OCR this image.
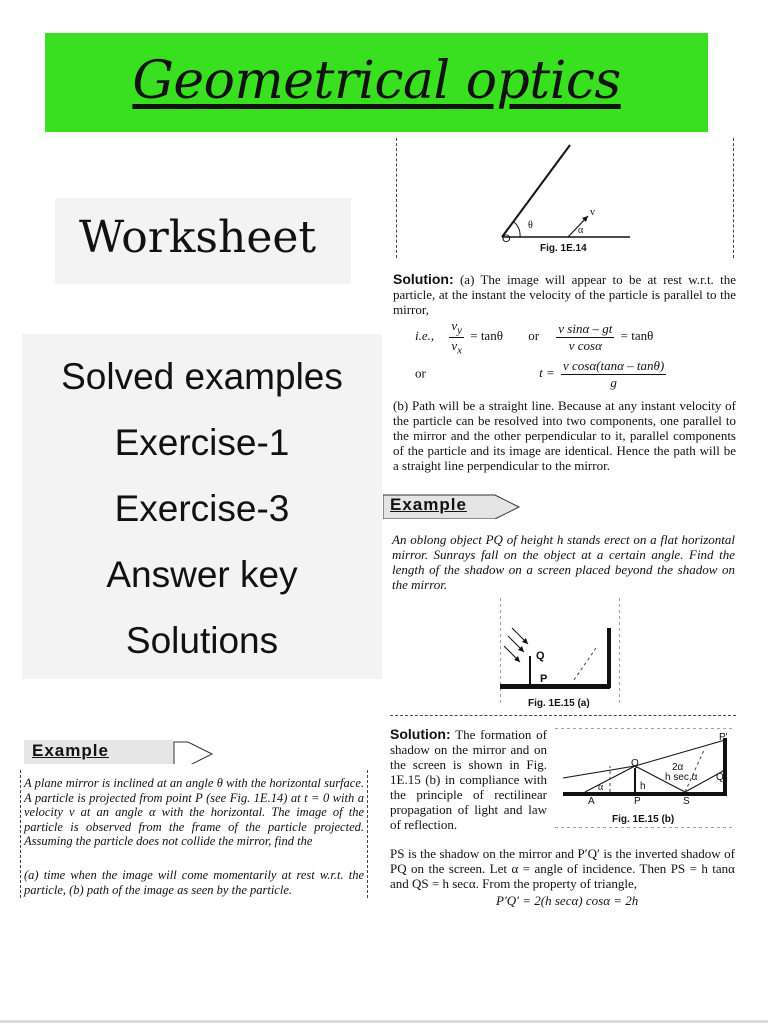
Geometrical optics
Worksheet
Solved examples
Exercise-1
Exercise-3
Answer key
Solutions
O
θ	α
v
Fig. 1E.14
Solution: (a) The image will appear to be at rest w.r.t. the particle, at the instant the velocity of the particle is parallel to the mirror,
i.e., $\frac{v_y}{v_x} = \tan\theta$ or $\frac{\text{v sinα – gt}}{\text{v cosα}} = \tan\theta$
or	$t = \frac{\text{v cosα(tanα – tanθ)}}{g}$
(b) Path will be a straight line. Because at any instant velocity of the particle can be resolved into two components, one parallel to the mirror and the other perpendicular to it, parallel components of the particle and its image are identical. Hence the path will be a straight line perpendicular to the mirror.
Example
An oblong object PQ of height h stands erect on a flat horizontal mirror. Sunrays fall on the object at a certain angle. Find the length of the shadow on a screen placed beyond the shadow on the mirror.
Q
P
Fig. 1E.15 (a)
Solution: The formation of shadow on the mirror and on the screen is shown in Fig. 1E.15 (b) in compliance with the principle of rectilinear propagation of light and law of reflection.
P'
Q
Q'
A	P	S
h
2α
h sec α
α
Fig. 1E.15 (b)
PS is the shadow on the mirror and P′Q′ is the inverted shadow of PQ on the screen. Let α = angle of incidence. Then PS = h tanα and QS = h secα. From the property of triangle,
P′Q′ = 2(h secα) cosα = 2h
Example
A plane mirror is inclined at an angle θ with the horizontal surface. A particle is projected from point P (see Fig. 1E.14) at t = 0 with a velocity v at an angle α with the horizontal. The image of the particle is observed from the frame of the particle projected. Assuming the particle does not collide the mirror, find the
(a) time when the image will come momentarily at rest w.r.t. the particle, (b) path of the image as seen by the particle.
